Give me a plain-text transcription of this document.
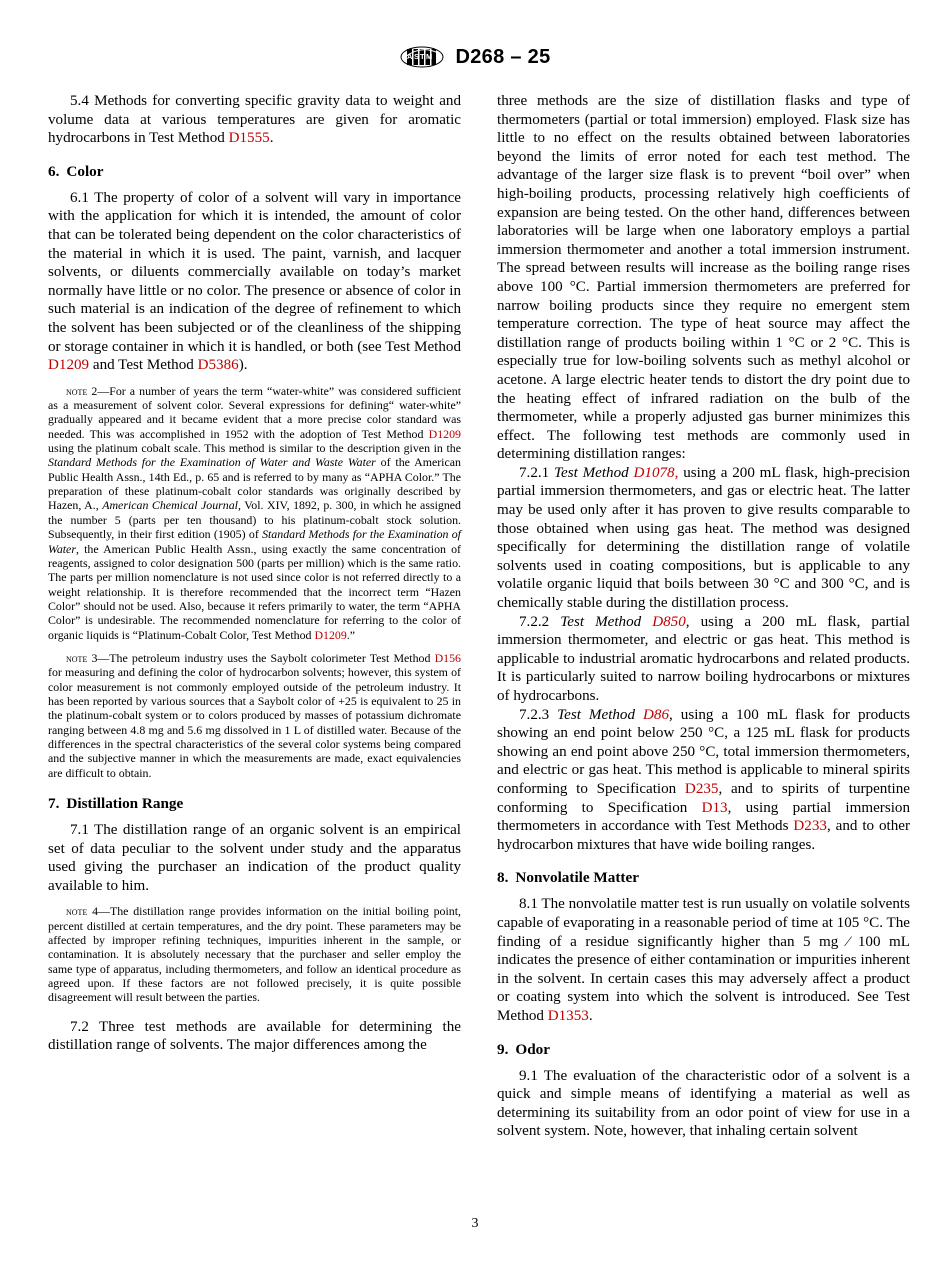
A S T M D268 – 25

5.4 Methods for converting specific gravity data to weight and volume data at various temperatures are given for aromatic hydrocarbons in Test Method D1555.

6. Color

6.1 The property of color of a solvent will vary in importance with the application for which it is intended, the amount of color that can be tolerated being dependent on the color characteristics of the material in which it is used. The paint, varnish, and lacquer solvents, or diluents commercially available on today’s market normally have little or no color. The presence or absence of color in such material is an indication of the degree of refinement to which the solvent has been subjected or of the cleanliness of the shipping or storage container in which it is handled, or both (see Test Method D1209 and Test Method D5386).

note 2—For a number of years the term “water-white” was considered sufficient as a measurement of solvent color. Several expressions for defining“ water-white” gradually appeared and it became evident that a more precise color standard was needed. This was accomplished in 1952 with the adoption of Test Method D1209 using the platinum cobalt scale. This method is similar to the description given in the Standard Methods for the Examination of Water and Waste Water of the American Public Health Assn., 14th Ed., p. 65 and is referred to by many as “APHA Color.” The preparation of these platinum-cobalt color standards was originally described by Hazen, A., American Chemical Journal, Vol. XIV, 1892, p. 300, in which he assigned the number 5 (parts per ten thousand) to his platinum-cobalt stock solution. Subsequently, in their first edition (1905) of Standard Methods for the Examination of Water, the American Public Health Assn., using exactly the same concentration of reagents, assigned to color designation 500 (parts per million) which is the same ratio. The parts per million nomenclature is not used since color is not referred directly to a weight relationship. It is therefore recommended that the incorrect term “Hazen Color” should not be used. Also, because it refers primarily to water, the term “APHA Color” is undesirable. The recommended nomenclature for referring to the color of organic liquids is “Platinum-Cobalt Color, Test Method D1209.”

note 3—The petroleum industry uses the Saybolt colorimeter Test Method D156 for measuring and defining the color of hydrocarbon solvents; however, this system of color measurement is not commonly employed outside of the petroleum industry. It has been reported by various sources that a Saybolt color of +25 is equivalent to 25 in the platinum-cobalt system or to colors produced by masses of potassium dichromate ranging between 4.8 mg and 5.6 mg dissolved in 1 L of distilled water. Because of the differences in the spectral characteristics of the several color systems being compared and the subjective manner in which the measurements are made, exact equivalencies are difficult to obtain.

7. Distillation Range

7.1 The distillation range of an organic solvent is an empirical set of data peculiar to the solvent under study and the apparatus used giving the purchaser an indication of the product quality available to him.

note 4—The distillation range provides information on the initial boiling point, percent distilled at certain temperatures, and the dry point. These parameters may be affected by improper refining techniques, impurities inherent in the sample, or contamination. It is absolutely necessary that the purchaser and seller employ the same type of apparatus, including thermometers, and follow an identical procedure as agreed upon. If these factors are not followed precisely, it is quite possible disagreement will result between the parties.

7.2 Three test methods are available for determining the distillation range of solvents. The major differences among the

three methods are the size of distillation flasks and type of thermometers (partial or total immersion) employed. Flask size has little to no effect on the results obtained between laboratories beyond the limits of error noted for each test method. The advantage of the larger size flask is to prevent “boil over” when high-boiling products, processing relatively high coefficients of expansion are being tested. On the other hand, differences between laboratories will be large when one laboratory employs a partial immersion thermometer and another a total immersion instrument. The spread between results will increase as the boiling range rises above 100 °C. Partial immersion thermometers are preferred for narrow boiling products since they require no emergent stem temperature correction. The type of heat source may affect the distillation range of products boiling within 1 °C or 2 °C. This is especially true for low-boiling solvents such as methyl alcohol or acetone. A large electric heater tends to distort the dry point due to the heating effect of infrared radiation on the bulb of the thermometer, while a properly adjusted gas burner minimizes this effect. The following test methods are commonly used in determining distillation ranges:

7.2.1 Test Method D1078, using a 200 mL flask, high-precision partial immersion thermometers, and gas or electric heat. The latter may be used only after it has proven to give results comparable to those obtained when using gas heat. The method was designed specifically for determining the distillation range of volatile solvents used in coating compositions, but is applicable to any volatile organic liquid that boils between 30 °C and 300 °C, and is chemically stable during the distillation process.

7.2.2 Test Method D850, using a 200 mL flask, partial immersion thermometer, and electric or gas heat. This method is applicable to industrial aromatic hydrocarbons and related products. It is particularly suited to narrow boiling hydrocarbons or mixtures of hydrocarbons.

7.2.3 Test Method D86, using a 100 mL flask for products showing an end point below 250 °C, a 125 mL flask for products showing an end point above 250 °C, total immersion thermometers, and electric or gas heat. This method is applicable to mineral spirits conforming to Specification D235, and to spirits of turpentine conforming to Specification D13, using partial immersion thermometers in accordance with Test Methods D233, and to other hydrocarbon mixtures that have wide boiling ranges.

8. Nonvolatile Matter

8.1 The nonvolatile matter test is run usually on volatile solvents capable of evaporating in a reasonable period of time at 105 °C. The finding of a residue significantly higher than 5 mg ⁄ 100 mL indicates the presence of either contamination or impurities inherent in the solvent. In certain cases this may adversely affect a product or coating system into which the solvent is introduced. See Test Method D1353.

9. Odor

9.1 The evaluation of the characteristic odor of a solvent is a quick and simple means of identifying a material as well as determining its suitability from an odor point of view for use in a solvent system. Note, however, that inhaling certain solvent

3
